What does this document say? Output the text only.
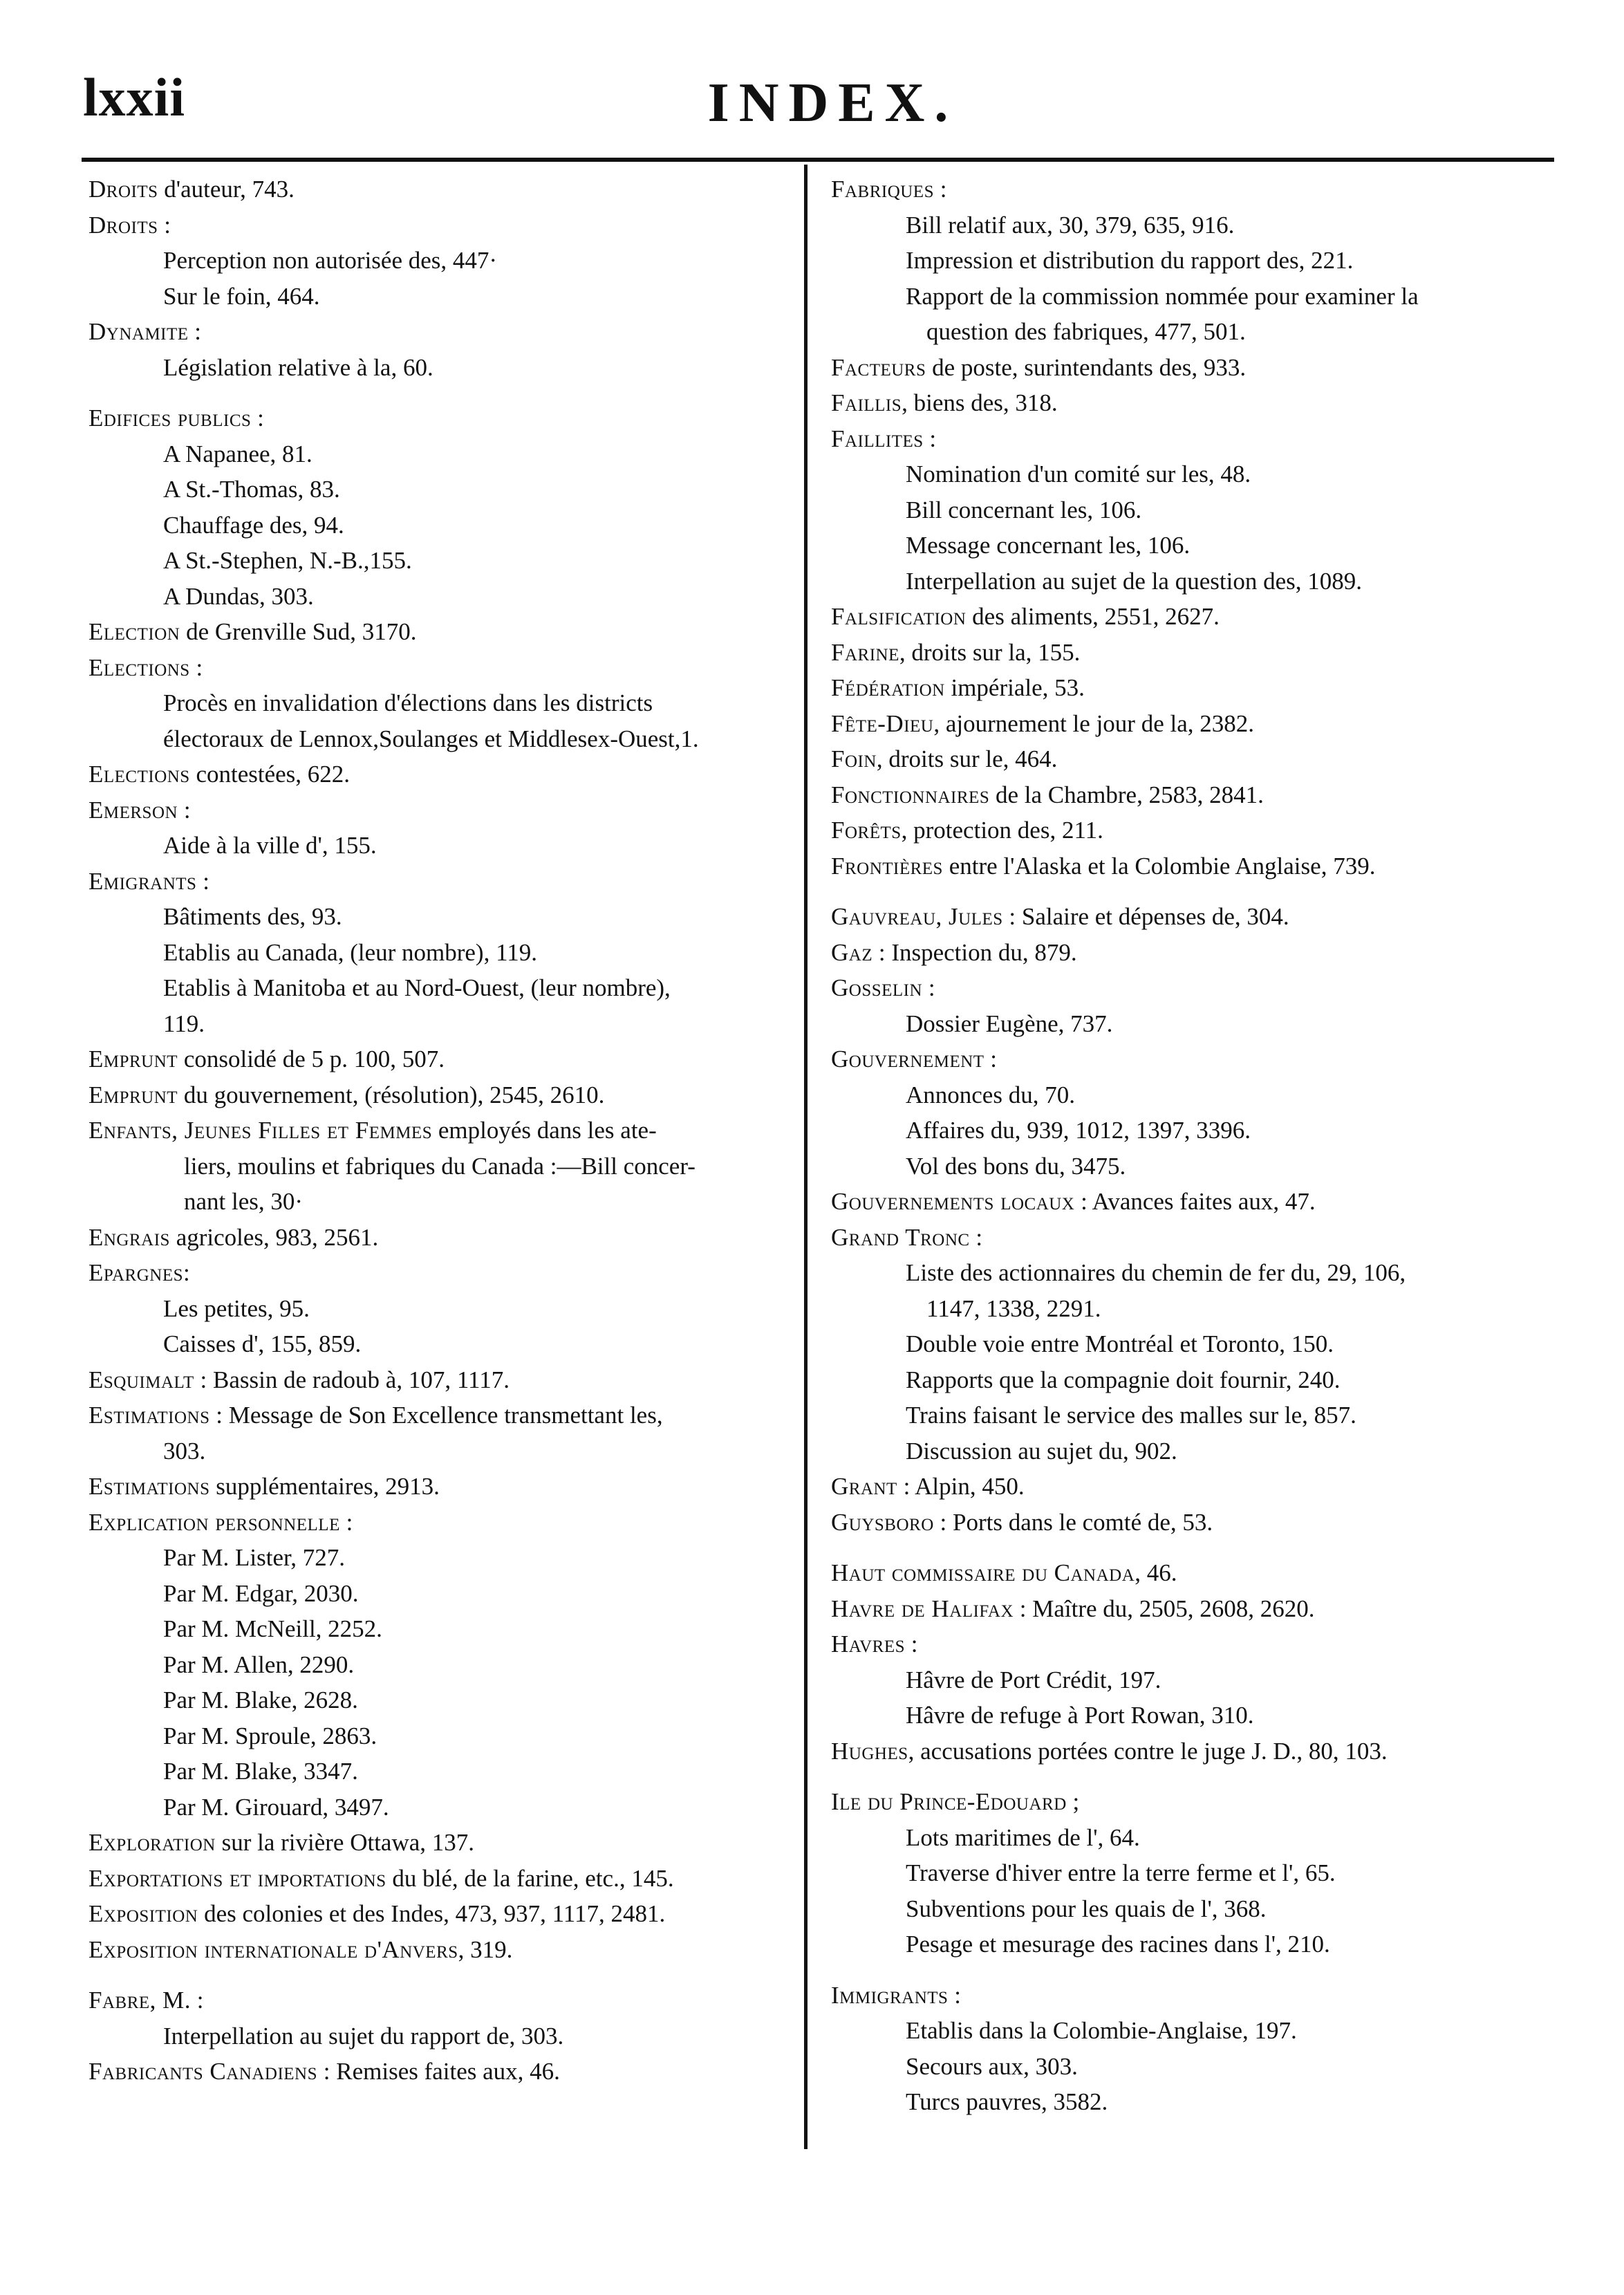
lxxii	INDEX.
Droits d'auteur, 743.
Droits :
Perception non autorisée des, 447·
Sur le foin, 464.
Dynamite :
Législation relative à la, 60.
Edifices publics :
A Napanee, 81.
A St.-Thomas, 83.
Chauffage des, 94.
A St.-Stephen, N.-B.,155.
A Dundas, 303.
Election de Grenville Sud, 3170.
Elections :
Procès en invalidation d'élections dans les districts
électoraux de Lennox,Soulanges et Middlesex-Ouest,1.
Elections contestées, 622.
Emerson :
Aide à la ville d', 155.
Emigrants :
Bâtiments des, 93.
Etablis au Canada, (leur nombre), 119.
Etablis à Manitoba et au Nord-Ouest, (leur nombre),
119.
Emprunt consolidé de 5 p. 100, 507.
Emprunt du gouvernement, (résolution), 2545, 2610.
Enfants, Jeunes Filles et Femmes employés dans les ate-
liers, moulins et fabriques du Canada :—Bill concer-
nant les, 30·
Engrais agricoles, 983, 2561.
Epargnes:
Les petites, 95.
Caisses d', 155, 859.
Esquimalt : Bassin de radoub à, 107, 1117.
Estimations : Message de Son Excellence transmettant les,
303.
Estimations supplémentaires, 2913.
Explication personnelle :
Par M. Lister, 727.
Par M. Edgar, 2030.
Par M. McNeill, 2252.
Par M. Allen, 2290.
Par M. Blake, 2628.
Par M. Sproule, 2863.
Par M. Blake, 3347.
Par M. Girouard, 3497.
Exploration sur la rivière Ottawa, 137.
Exportations et importations du blé, de la farine, etc., 145.
Exposition des colonies et des Indes, 473, 937, 1117, 2481.
Exposition internationale d'Anvers, 319.
Fabre, M. :
Interpellation au sujet du rapport de, 303.
Fabricants Canadiens : Remises faites aux, 46.
Fabriques :
Bill relatif aux, 30, 379, 635, 916.
Impression et distribution du rapport des, 221.
Rapport de la commission nommée pour examiner la
question des fabriques, 477, 501.
Facteurs de poste, surintendants des, 933.
Faillis, biens des, 318.
Faillites :
Nomination d'un comité sur les, 48.
Bill concernant les, 106.
Message concernant les, 106.
Interpellation au sujet de la question des, 1089.
Falsification des aliments, 2551, 2627.
Farine, droits sur la, 155.
Fédération impériale, 53.
Fête-Dieu, ajournement le jour de la, 2382.
Foin, droits sur le, 464.
Fonctionnaires de la Chambre, 2583, 2841.
Forêts, protection des, 211.
Frontières entre l'Alaska et la Colombie Anglaise, 739.
Gauvreau, Jules : Salaire et dépenses de, 304.
Gaz : Inspection du, 879.
Gosselin :
Dossier Eugène, 737.
Gouvernement :
Annonces du, 70.
Affaires du, 939, 1012, 1397, 3396.
Vol des bons du, 3475.
Gouvernements locaux : Avances faites aux, 47.
Grand Tronc :
Liste des actionnaires du chemin de fer du, 29, 106,
1147, 1338, 2291.
Double voie entre Montréal et Toronto, 150.
Rapports que la compagnie doit fournir, 240.
Trains faisant le service des malles sur le, 857.
Discussion au sujet du, 902.
Grant : Alpin, 450.
Guysboro : Ports dans le comté de, 53.
Haut commissaire du Canada, 46.
Havre de Halifax : Maître du, 2505, 2608, 2620.
Havres :
Hâvre de Port Crédit, 197.
Hâvre de refuge à Port Rowan, 310.
Hughes, accusations portées contre le juge J. D., 80, 103.
Ile du Prince-Edouard ;
Lots maritimes de l', 64.
Traverse d'hiver entre la terre ferme et l', 65.
Subventions pour les quais de l', 368.
Pesage et mesurage des racines dans l', 210.
Immigrants :
Etablis dans la Colombie-Anglaise, 197.
Secours aux, 303.
Turcs pauvres, 3582.
